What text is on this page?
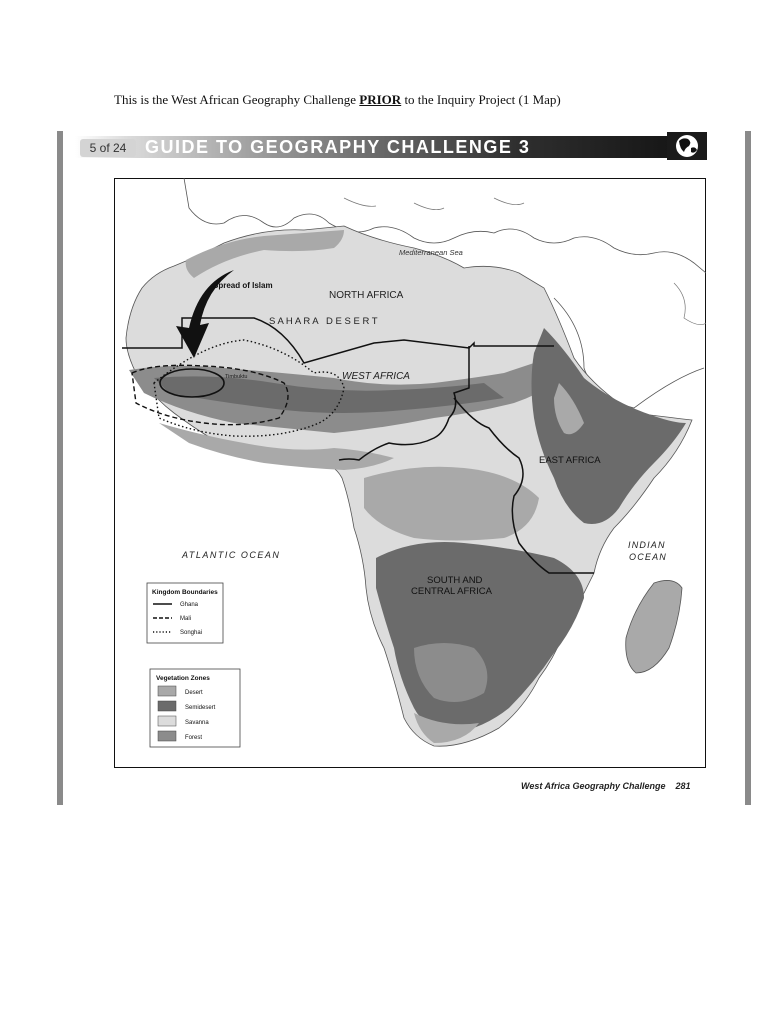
This is the West African Geography Challenge PRIOR to the Inquiry Project (1 Map)
5 of 24	GUIDE TO GEOGRAPHY CHALLENGE 3
Mediterranean Sea
NORTH AFRICA
S A H A R A   D E S E R T
WEST AFRICA
EAST AFRICA
SOUTH AND
CENTRAL AFRICA
ATLANTIC OCEAN
INDIAN
OCEAN
Spread of Islam
Timbuktu
Kingdom Boundaries
Ghana
Mali
Songhai
Vegetation Zones
Desert
Semidesert
Savanna
Forest
West Africa Geography Challenge 281
